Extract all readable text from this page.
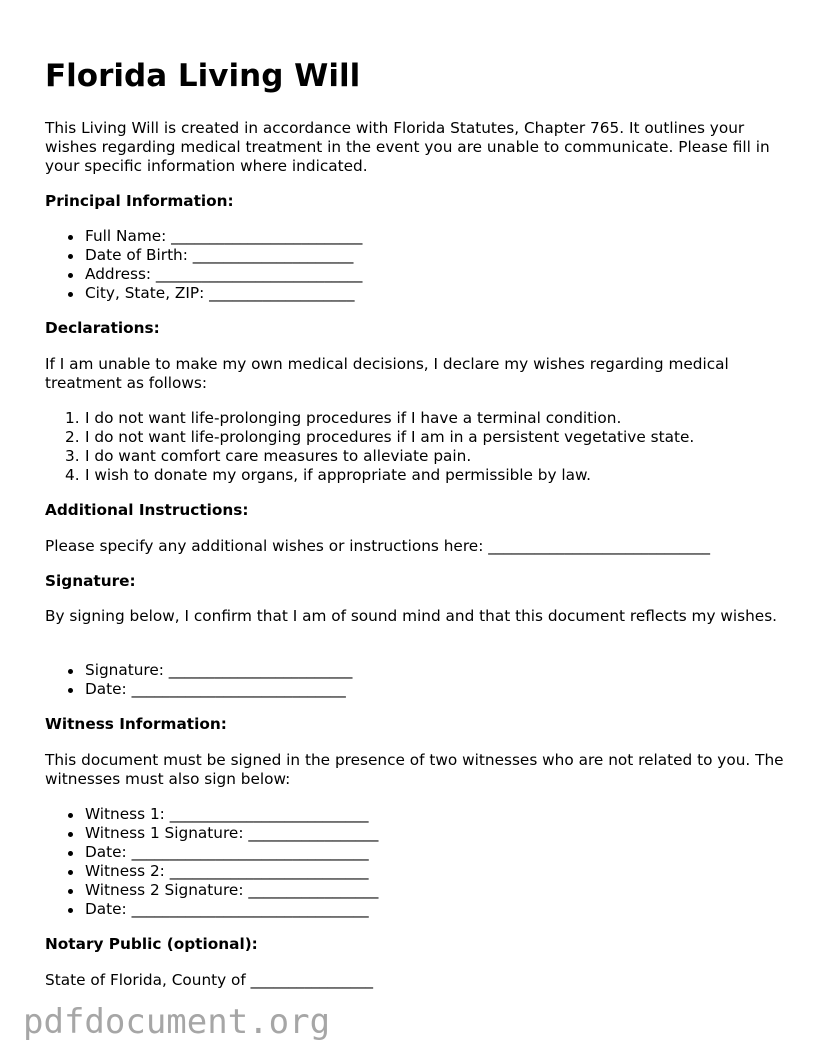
Florida Living Will

This Living Will is created in accordance with Florida Statutes, Chapter 765. It outlines your wishes regarding medical treatment in the event you are unable to communicate. Please fill in your specific information where indicated.

Principal Information:
Full Name: _________________________
Date of Birth: _____________________
Address: ___________________________
City, State, ZIP: ___________________
Declarations:

If I am unable to make my own medical decisions, I declare my wishes regarding medical treatment as follows:

1. I do not want life-prolonging procedures if I have a terminal condition.
2. I do not want life-prolonging procedures if I am in a persistent vegetative state.
3. I do want comfort care measures to alleviate pain.
4. I wish to donate my organs, if appropriate and permissible by law.
Additional Instructions:

Please specify any additional wishes or instructions here: _____________________________

Signature:

By signing below, I confirm that I am of sound mind and that this document reflects my wishes.

Signature: ________________________
Date: ____________________________
Witness Information:

This document must be signed in the presence of two witnesses who are not related to you. The witnesses must also sign below:

Witness 1: __________________________
Witness 1 Signature: _________________
Date: _______________________________
Witness 2: __________________________
Witness 2 Signature: _________________
Date: _______________________________
Notary Public (optional):

State of Florida, County of ________________

pdfdocument.org
